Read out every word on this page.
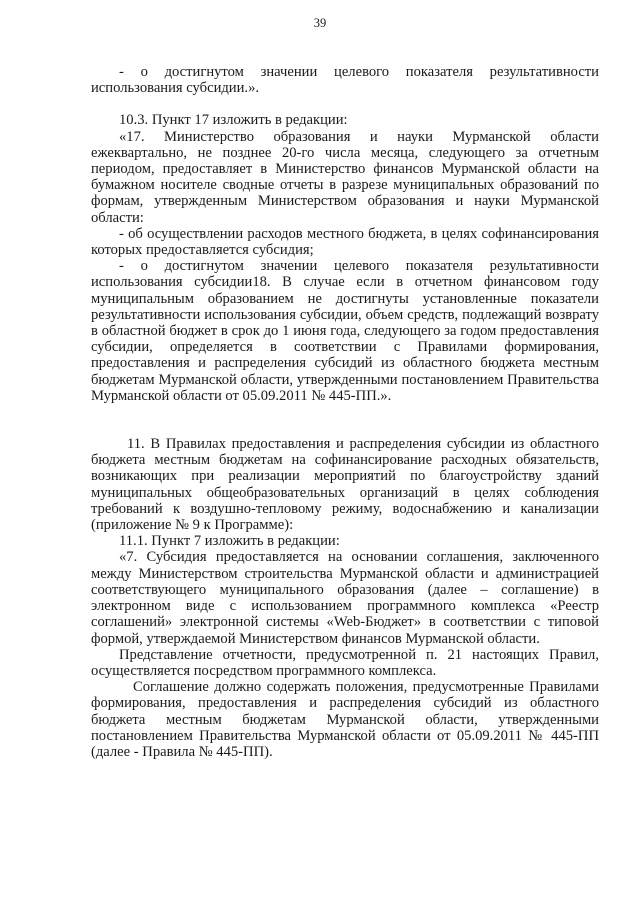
39

- о достигнутом значении целевого показателя результативности использования субсидии.».

10.3. Пункт 17 изложить в редакции:

«17. Министерство образования и науки Мурманской области ежеквартально, не позднее 20-го числа месяца, следующего за отчетным периодом, предоставляет в Министерство финансов Мурманской области на бумажном носителе сводные отчеты в разрезе муниципальных образований по формам, утвержденным Министерством образования и науки Мурманской области:

- об осуществлении расходов местного бюджета, в целях софинансирования которых предоставляется субсидия;

- о достигнутом значении целевого показателя результативности использования субсидии18. В случае если в отчетном финансовом году муниципальным образованием не достигнуты установленные показатели результативности использования субсидии, объем средств, подлежащий возврату в областной бюджет в срок до 1 июня года, следующего за годом предоставления субсидии, определяется в соответствии с Правилами формирования, предоставления и распределения субсидий из областного бюджета местным бюджетам Мурманской области, утвержденными постановлением Правительства Мурманской области от 05.09.2011 № 445-ПП.».

11. В Правилах предоставления и распределения субсидии из областного бюджета местным бюджетам на софинансирование расходных обязательств, возникающих при реализации мероприятий по благоустройству зданий муниципальных общеобразовательных организаций в целях соблюдения требований к воздушно-тепловому режиму, водоснабжению и канализации (приложение № 9 к Программе):

11.1. Пункт 7 изложить в редакции:

«7. Субсидия предоставляется на основании соглашения, заключенного между Министерством строительства Мурманской области и администрацией соответствующего муниципального образования (далее – соглашение) в электронном виде с использованием программного комплекса «Реестр соглашений» электронной системы «Web-Бюджет» в соответствии с типовой формой, утверждаемой Министерством финансов Мурманской области.

Представление отчетности, предусмотренной п. 21 настоящих Правил, осуществляется посредством программного комплекса.

Соглашение должно содержать положения, предусмотренные Правилами формирования, предоставления и распределения субсидий из областного бюджета местным бюджетам Мурманской области, утвержденными постановлением Правительства Мурманской области от 05.09.2011 № 445-ПП (далее - Правила № 445-ПП).
